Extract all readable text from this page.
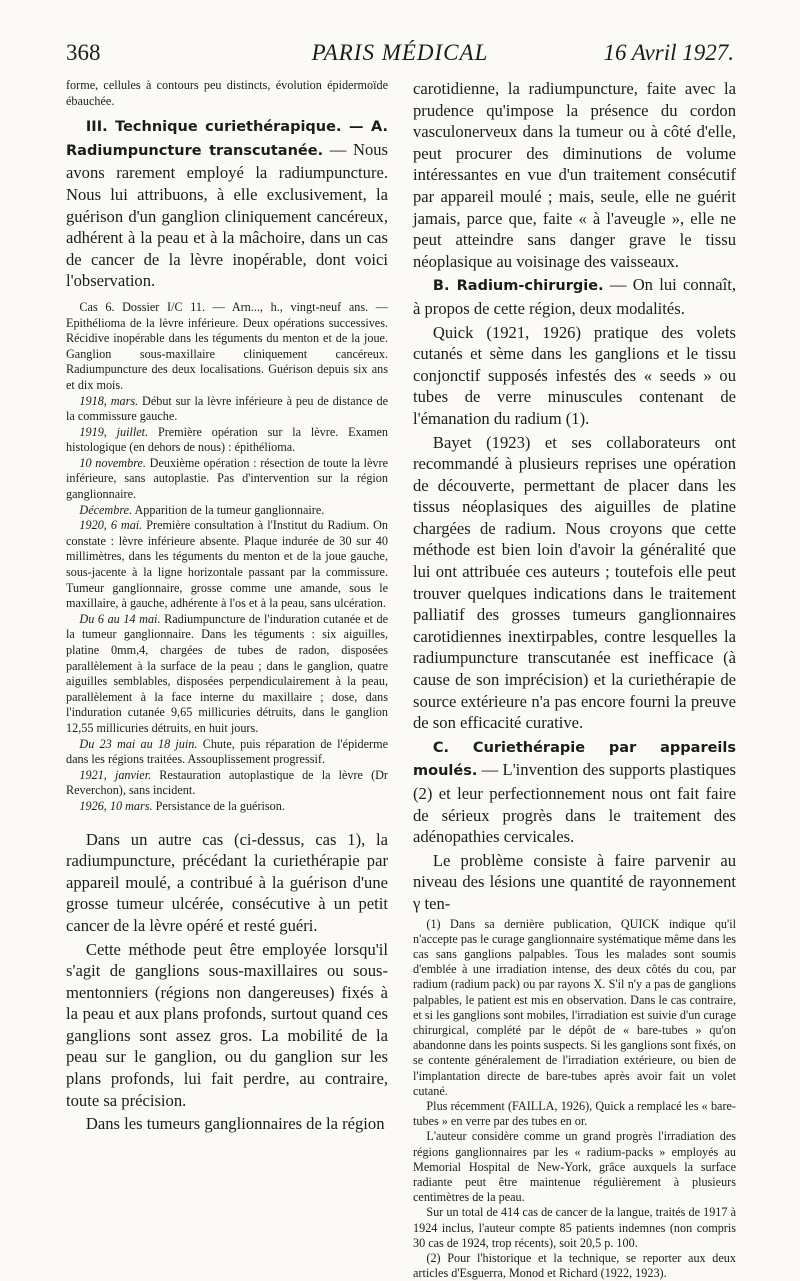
368	PARIS MÉDICAL	16 Avril 1927.

forme, cellules à contours peu distincts, évolution épidermoïde ébauchée.

III. Technique curiethérapique. — A. Radiumpuncture transcutanée. — Nous avons rarement employé la radiumpuncture. Nous lui attribuons, à elle exclusivement, la guérison d'un ganglion cliniquement cancéreux, adhérent à la peau et à la mâchoire, dans un cas de cancer de la lèvre inopérable, dont voici l'observation.

Cas 6. Dossier I/C 11. — Arn..., h., vingt-neuf ans. — Epithélioma de la lèvre inférieure. Deux opérations successives. Récidive inopérable dans les téguments du menton et de la joue. Ganglion sous-maxillaire cliniquement cancéreux. Radiumpuncture des deux localisations. Guérison depuis six ans et dix mois.

1918, mars. Début sur la lèvre inférieure à peu de distance de la commissure gauche.

1919, juillet. Première opération sur la lèvre. Examen histologique (en dehors de nous) : épithélioma.

10 novembre. Deuxième opération : résection de toute la lèvre inférieure, sans autoplastie. Pas d'intervention sur la région ganglionnaire.

Décembre. Apparition de la tumeur ganglionnaire.

1920, 6 mai. Première consultation à l'Institut du Radium. On constate : lèvre inférieure absente. Plaque indurée de 30 sur 40 millimètres, dans les téguments du menton et de la joue gauche, sous-jacente à la ligne horizontale passant par la commissure. Tumeur ganglionnaire, grosse comme une amande, sous le maxillaire, à gauche, adhérente à l'os et à la peau, sans ulcération.

Du 6 au 14 mai. Radiumpuncture de l'induration cutanée et de la tumeur ganglionnaire. Dans les téguments : six aiguilles, platine 0mm,4, chargées de tubes de radon, disposées parallèlement à la surface de la peau ; dans le ganglion, quatre aiguilles semblables, disposées perpendiculairement à la peau, parallèlement à la face interne du maxillaire ; dose, dans l'induration cutanée 9,65 millicuries détruits, dans le ganglion 12,55 millicuries détruits, en huit jours.

Du 23 mai au 18 juin. Chute, puis réparation de l'épiderme dans les régions traitées. Assouplissement progressif.

1921, janvier. Restauration autoplastique de la lèvre (Dr Reverchon), sans incident.

1926, 10 mars. Persistance de la guérison.

Dans un autre cas (ci-dessus, cas 1), la radiumpuncture, précédant la curiethérapie par appareil moulé, a contribué à la guérison d'une grosse tumeur ulcérée, consécutive à un petit cancer de la lèvre opéré et resté guéri.

Cette méthode peut être employée lorsqu'il s'agit de ganglions sous-maxillaires ou sous-mentonniers (régions non dangereuses) fixés à la peau et aux plans profonds, surtout quand ces ganglions sont assez gros. La mobilité de la peau sur le ganglion, ou du ganglion sur les plans profonds, lui fait perdre, au contraire, toute sa précision.

Dans les tumeurs ganglionnaires de la région

carotidienne, la radiumpuncture, faite avec la prudence qu'impose la présence du cordon vasculonerveux dans la tumeur ou à côté d'elle, peut procurer des diminutions de volume intéressantes en vue d'un traitement consécutif par appareil moulé ; mais, seule, elle ne guérit jamais, parce que, faite « à l'aveugle », elle ne peut atteindre sans danger grave le tissu néoplasique au voisinage des vaisseaux.

B. Radium-chirurgie. — On lui connaît, à propos de cette région, deux modalités.

Quick (1921, 1926) pratique des volets cutanés et sème dans les ganglions et le tissu conjonctif supposés infestés des « seeds » ou tubes de verre minuscules contenant de l'émanation du radium (1).

Bayet (1923) et ses collaborateurs ont recommandé à plusieurs reprises une opération de découverte, permettant de placer dans les tissus néoplasiques des aiguilles de platine chargées de radium. Nous croyons que cette méthode est bien loin d'avoir la généralité que lui ont attribuée ces auteurs ; toutefois elle peut trouver quelques indications dans le traitement palliatif des grosses tumeurs ganglionnaires carotidiennes inextirpables, contre lesquelles la radiumpuncture transcutanée est inefficace (à cause de son imprécision) et la curiethérapie de source extérieure n'a pas encore fourni la preuve de son efficacité curative.

C. Curiethérapie par appareils moulés. — L'invention des supports plastiques (2) et leur perfectionnement nous ont fait faire de sérieux progrès dans le traitement des adénopathies cervicales.

Le problème consiste à faire parvenir au niveau des lésions une quantité de rayonnement γ ten-

(1) Dans sa dernière publication, QUICK indique qu'il n'accepte pas le curage ganglionnaire systématique même dans les cas sans ganglions palpables. Tous les malades sont soumis d'emblée à une irradiation intense, des deux côtés du cou, par radium (radium pack) ou par rayons X. S'il n'y a pas de ganglions palpables, le patient est mis en observation. Dans le cas contraire, et si les ganglions sont mobiles, l'irradiation est suivie d'un curage chirurgical, complété par le dépôt de « bare-tubes » qu'on abandonne dans les points suspects. Si les ganglions sont fixés, on se contente généralement de l'irradiation extérieure, ou bien de l'implantation directe de bare-tubes après avoir fait un volet cutané.

Plus récemment (FAILLA, 1926), Quick a remplacé les « bare-tubes » en verre par des tubes en or.

L'auteur considère comme un grand progrès l'irradiation des régions ganglionnaires par les « radium-packs » employés au Memorial Hospital de New-York, grâce auxquels la surface radiante peut être maintenue régulièrement à plusieurs centimètres de la peau.

Sur un total de 414 cas de cancer de la langue, traités de 1917 à 1924 inclus, l'auteur compte 85 patients indemnes (non compris 30 cas de 1924, trop récents), soit 20,5 p. 100.

(2) Pour l'historique et la technique, se reporter aux deux articles d'Esguerra, Monod et Richard (1922, 1923).
